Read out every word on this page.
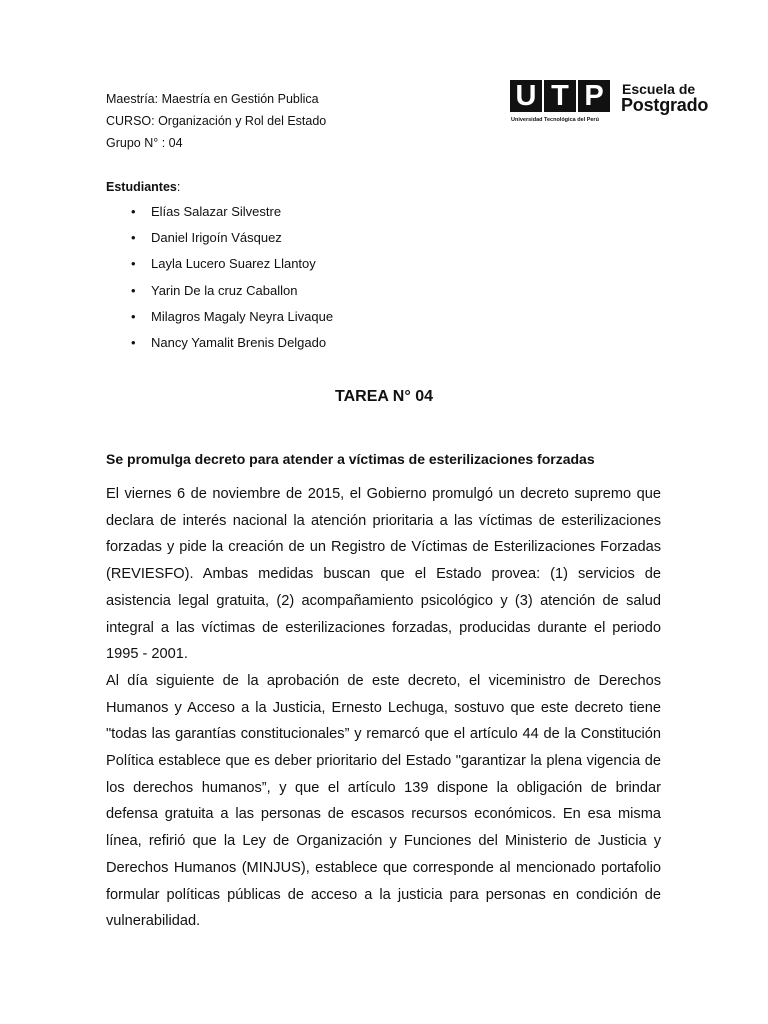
Maestría: Maestría en Gestión Publica
CURSO: Organización y Rol del Estado
Grupo N° : 04
U T P	Escuela de
Postgrado
Universidad Tecnológica del Perú
Estudiantes:
• Elías Salazar Silvestre
• Daniel Irigoín Vásquez
• Layla Lucero Suarez Llantoy
• Yarin De la cruz Caballon
• Milagros Magaly Neyra Livaque
• Nancy Yamalit Brenis Delgado
TAREA N° 04
Se promulga decreto para atender a víctimas de esterilizaciones forzadas

El viernes 6 de noviembre de 2015, el Gobierno promulgó un decreto supremo que declara de interés nacional la atención prioritaria a las víctimas de esterilizaciones forzadas y pide la creación de un Registro de Víctimas de Esterilizaciones Forzadas (REVIESFO). Ambas medidas buscan que el Estado provea: (1) servicios de asistencia legal gratuita, (2) acompañamiento psicológico y (3) atención de salud integral a las víctimas de esterilizaciones forzadas, producidas durante el periodo 1995 - 2001.

Al día siguiente de la aprobación de este decreto, el viceministro de Derechos Humanos y Acceso a la Justicia, Ernesto Lechuga, sostuvo que este decreto tiene "todas las garantías constitucionales” y remarcó que el artículo 44 de la Constitución Política establece que es deber prioritario del Estado "garantizar la plena vigencia de los derechos humanos”, y que el artículo 139 dispone la obligación de brindar defensa gratuita a las personas de escasos recursos económicos. En esa misma línea, refirió que la Ley de Organización y Funciones del Ministerio de Justicia y Derechos Humanos (MINJUS), establece que corresponde al mencionado portafolio formular políticas públicas de acceso a la justicia para personas en condición de vulnerabilidad.
